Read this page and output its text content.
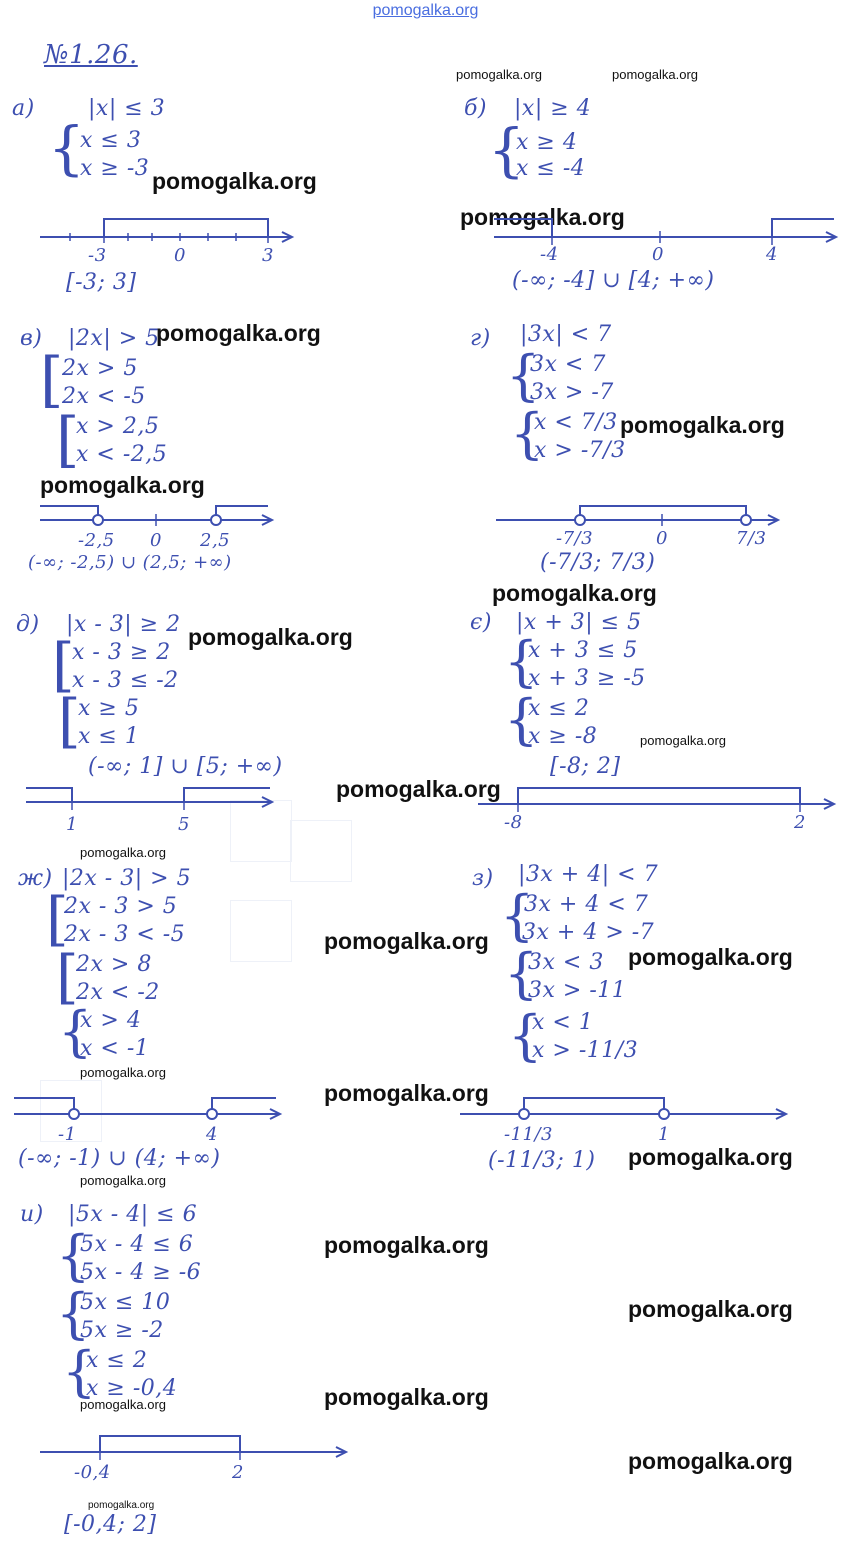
pomogalka.org
№1.26.
pomogalka.org	pomogalka.org
а) |x| ≤ 3
{
x ≤ 3
x ≥ -3 pomogalka.org
-3	0	3
[-3; 3]
б) |x| ≥ 4
{
x ≥ 4
x ≤ -4
pomogalka.org
-4	0	4
(-∞; -4] ∪ [4; +∞)
в) |2x| > 5
pomogalka.org
[
2x > 5
2x < -5
[
x > 2,5
x < -2,5
pomogalka.org
-2,5 0 2,5
(-∞; -2,5) ∪ (2,5; +∞)
г) |3x| < 7
{
3x < 7
3x > -7
{
x < 7/3
x > -7/3
pomogalka.org
-7/3	0	7/3
(-7/3; 7/3)
pomogalka.org
д) |x - 3| ≥ 2 pomogalka.org
[
x - 3 ≥ 2
x - 3 ≤ -2
[
x ≥ 5
x ≤ 1
(-∞; 1] ∪ [5; +∞)
1	5
є) |x + 3| ≤ 5
{
x + 3 ≤ 5
x + 3 ≥ -5
{
x ≤ 2
x ≥ -8	pomogalka.org
[-8; 2]
pomogalka.org
-8	2
pomogalka.org
ж) |2x - 3| > 5
[
2x - 3 > 5
2x - 3 < -5	pomogalka.org
[
2x > 8
2x < -2
{
x > 4
x < -1
pomogalka.org
pomogalka.org
-1	4
(-∞; -1) ∪ (4; +∞)
pomogalka.org
з) |3x + 4| < 7
{
3x + 4 < 7
3x + 4 > -7
{
3x < 3
3x > -11
pomogalka.org
{
x < 1
x > -11/3
-11/3	1
(-11/3; 1) pomogalka.org
и) |5x - 4| ≤ 6
{
5x - 4 ≤ 6
5x - 4 ≥ -6
pomogalka.org
{
5x ≤ 10
5x ≥ -2
pomogalka.org
{
x ≤ 2
x ≥ -0,4	pomogalka.org
pomogalka.org
-0,4	2	pomogalka.org
pomogalka.org
[-0,4; 2]
